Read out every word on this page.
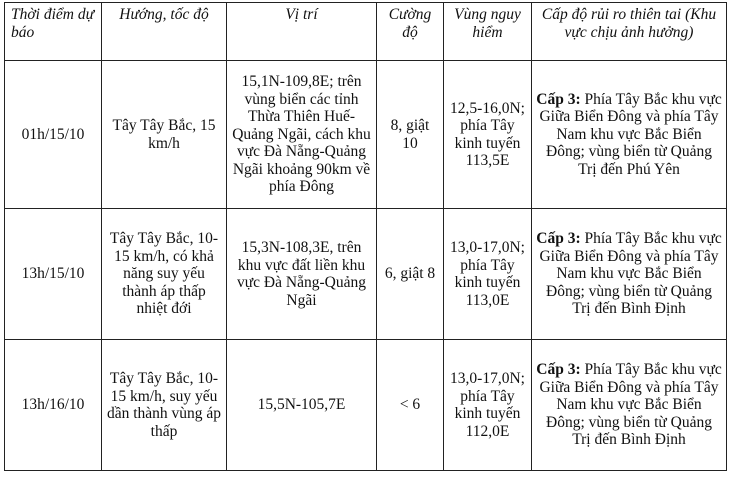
Thời điểm dự báo	Hướng, tốc độ	Vị trí	Cường độ	Vùng nguy hiểm	Cấp độ rủi ro thiên tai (Khu vực chịu ảnh hưởng)
01h/15/10	Tây Tây Bắc, 15 km/h	15,1N-109,8E; trên vùng biển các tỉnh Thừa Thiên Huế-Quảng Ngãi, cách khu vực Đà Nẵng-Quảng Ngãi khoảng 90km về phía Đông	8, giật 10	12,5-16,0N; phía Tây kinh tuyến 113,5E	Cấp 3: Phía Tây Bắc khu vực Giữa Biển Đông và phía Tây Nam khu vực Bắc Biển Đông; vùng biển từ Quảng Trị đến Phú Yên
13h/15/10	Tây Tây Bắc, 10-15 km/h, có khả năng suy yếu thành áp thấp nhiệt đới	15,3N-108,3E, trên khu vực đất liền khu vực Đà Nẵng-Quảng Ngãi	6, giật 8	13,0-17,0N; phía Tây kinh tuyến 113,0E	Cấp 3: Phía Tây Bắc khu vực Giữa Biển Đông và phía Tây Nam khu vực Bắc Biển Đông; vùng biển từ Quảng Trị đến Bình Định
13h/16/10	Tây Tây Bắc, 10-15 km/h, suy yếu dần thành vùng áp thấp	15,5N-105,7E	< 6	13,0-17,0N; phía Tây kinh tuyến 112,0E	Cấp 3: Phía Tây Bắc khu vực Giữa Biển Đông và phía Tây Nam khu vực Bắc Biển Đông; vùng biển từ Quảng Trị đến Bình Định
